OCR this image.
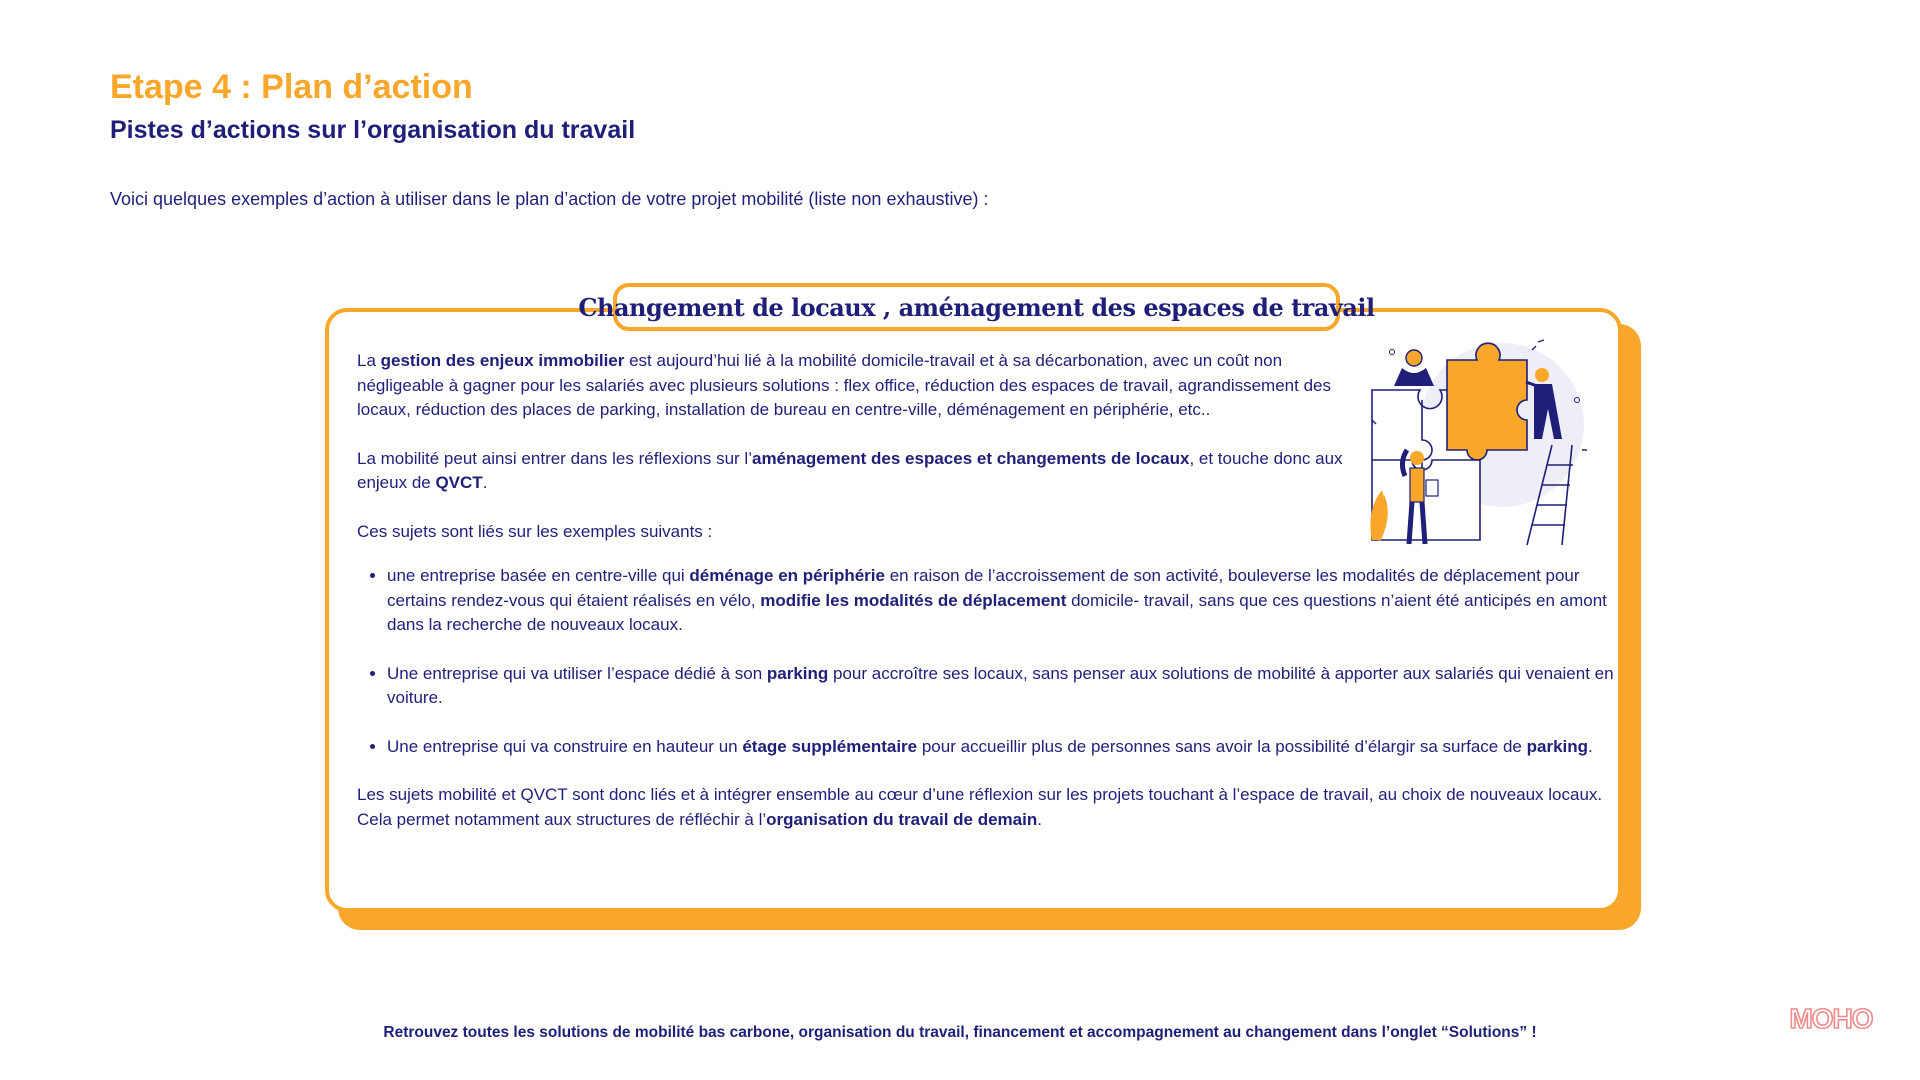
Etape 4 : Plan d’action
Pistes d’actions sur l’organisation du travail

Voici quelques exemples d’action à utiliser dans le plan d’action de votre projet mobilité (liste non exhaustive) :

Changement de locaux , aménagement des espaces de travail

La gestion des enjeux immobilier est aujourd’hui lié à la mobilité domicile-travail et à sa décarbonation, avec un coût non négligeable à gagner pour les salariés avec plusieurs solutions : flex office, réduction des espaces de travail, agrandissement des locaux, réduction des places de parking, installation de bureau en centre-ville, déménagement en périphérie, etc..

La mobilité peut ainsi entrer dans les réflexions sur l’aménagement des espaces et changements de locaux, et touche donc aux enjeux de QVCT.

Ces sujets sont liés sur les exemples suivants :

• une entreprise basée en centre-ville qui déménage en périphérie en raison de l’accroissement de son activité, bouleverse les modalités de déplacement pour certains rendez-vous qui étaient réalisés en vélo, modifie les modalités de déplacement domicile- travail, sans que ces questions n’aient été anticipés en amont dans la recherche de nouveaux locaux.
• Une entreprise qui va utiliser l’espace dédié à son parking pour accroître ses locaux, sans penser aux solutions de mobilité à apporter aux salariés qui venaient en voiture.
• Une entreprise qui va construire en hauteur un étage supplémentaire pour accueillir plus de personnes sans avoir la possibilité d’élargir sa surface de parking.

Les sujets mobilité et QVCT sont donc liés et à intégrer ensemble au cœur d’une réflexion sur les projets touchant à l’espace de travail, au choix de nouveaux locaux. Cela permet notamment aux structures de réfléchir à l’organisation du travail de demain.

Retrouvez toutes les solutions de mobilité bas carbone, organisation du travail, financement et accompagnement au changement dans l’onglet “Solutions” !	MOHO
